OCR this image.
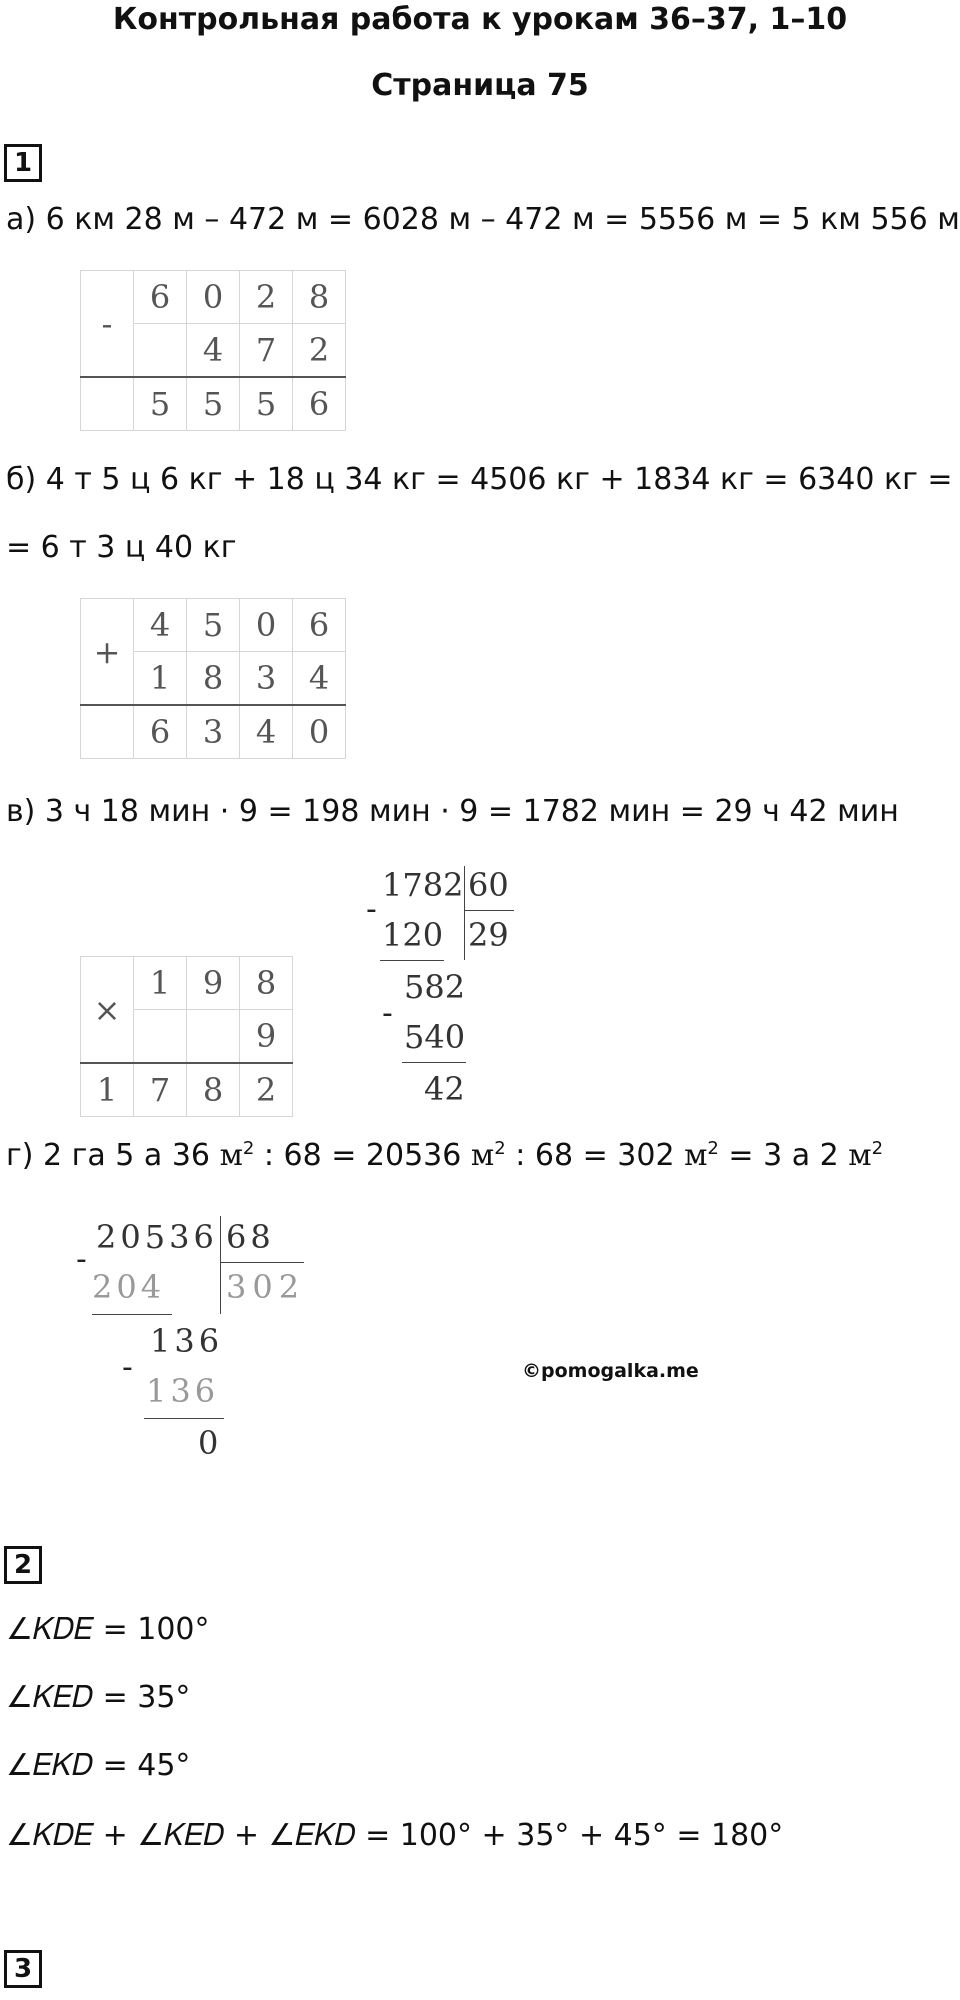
Контрольная работа к урокам 36–37, 1–10
Страница 75
1
а) 6 км 28 м – 472 м = 6028 м – 472 м = 5556 м = 5 км 556 м
-	6	0	2	8
		4	7	2
	5	5	5	6
б) 4 т 5 ц 6 кг + 18 ц 34 кг = 4506 кг + 1834 кг = 6340 кг =
= 6 т 3 ц 40 кг
+	4	5	0	6
	1	8	3	4
	6	3	4	0
в) 3 ч 18 мин · 9 = 198 мин · 9 = 1782 мин = 29 ч 42 мин
×	1	9	8
			9
1	7	8	2
1782 60
-
120 29
582
-
540
42
г) 2 га 5 а 36 $м^2$ : 68 = 20536 $м^2$ : 68 = 302 $м^2 = 3$ а 2 $м^2$
20536 68
-
204 302
136
-
136
0
©pomogalka.me
2
∠𝐾𝐷𝐸 = 100°
∠𝐾𝐸𝐷 = 35°
∠𝐸𝐾𝐷 = 45°
∠𝐾𝐷𝐸 + ∠𝐾𝐸𝐷 + ∠𝐸𝐾𝐷 = 100° + 35° + 45° = 180°
3
